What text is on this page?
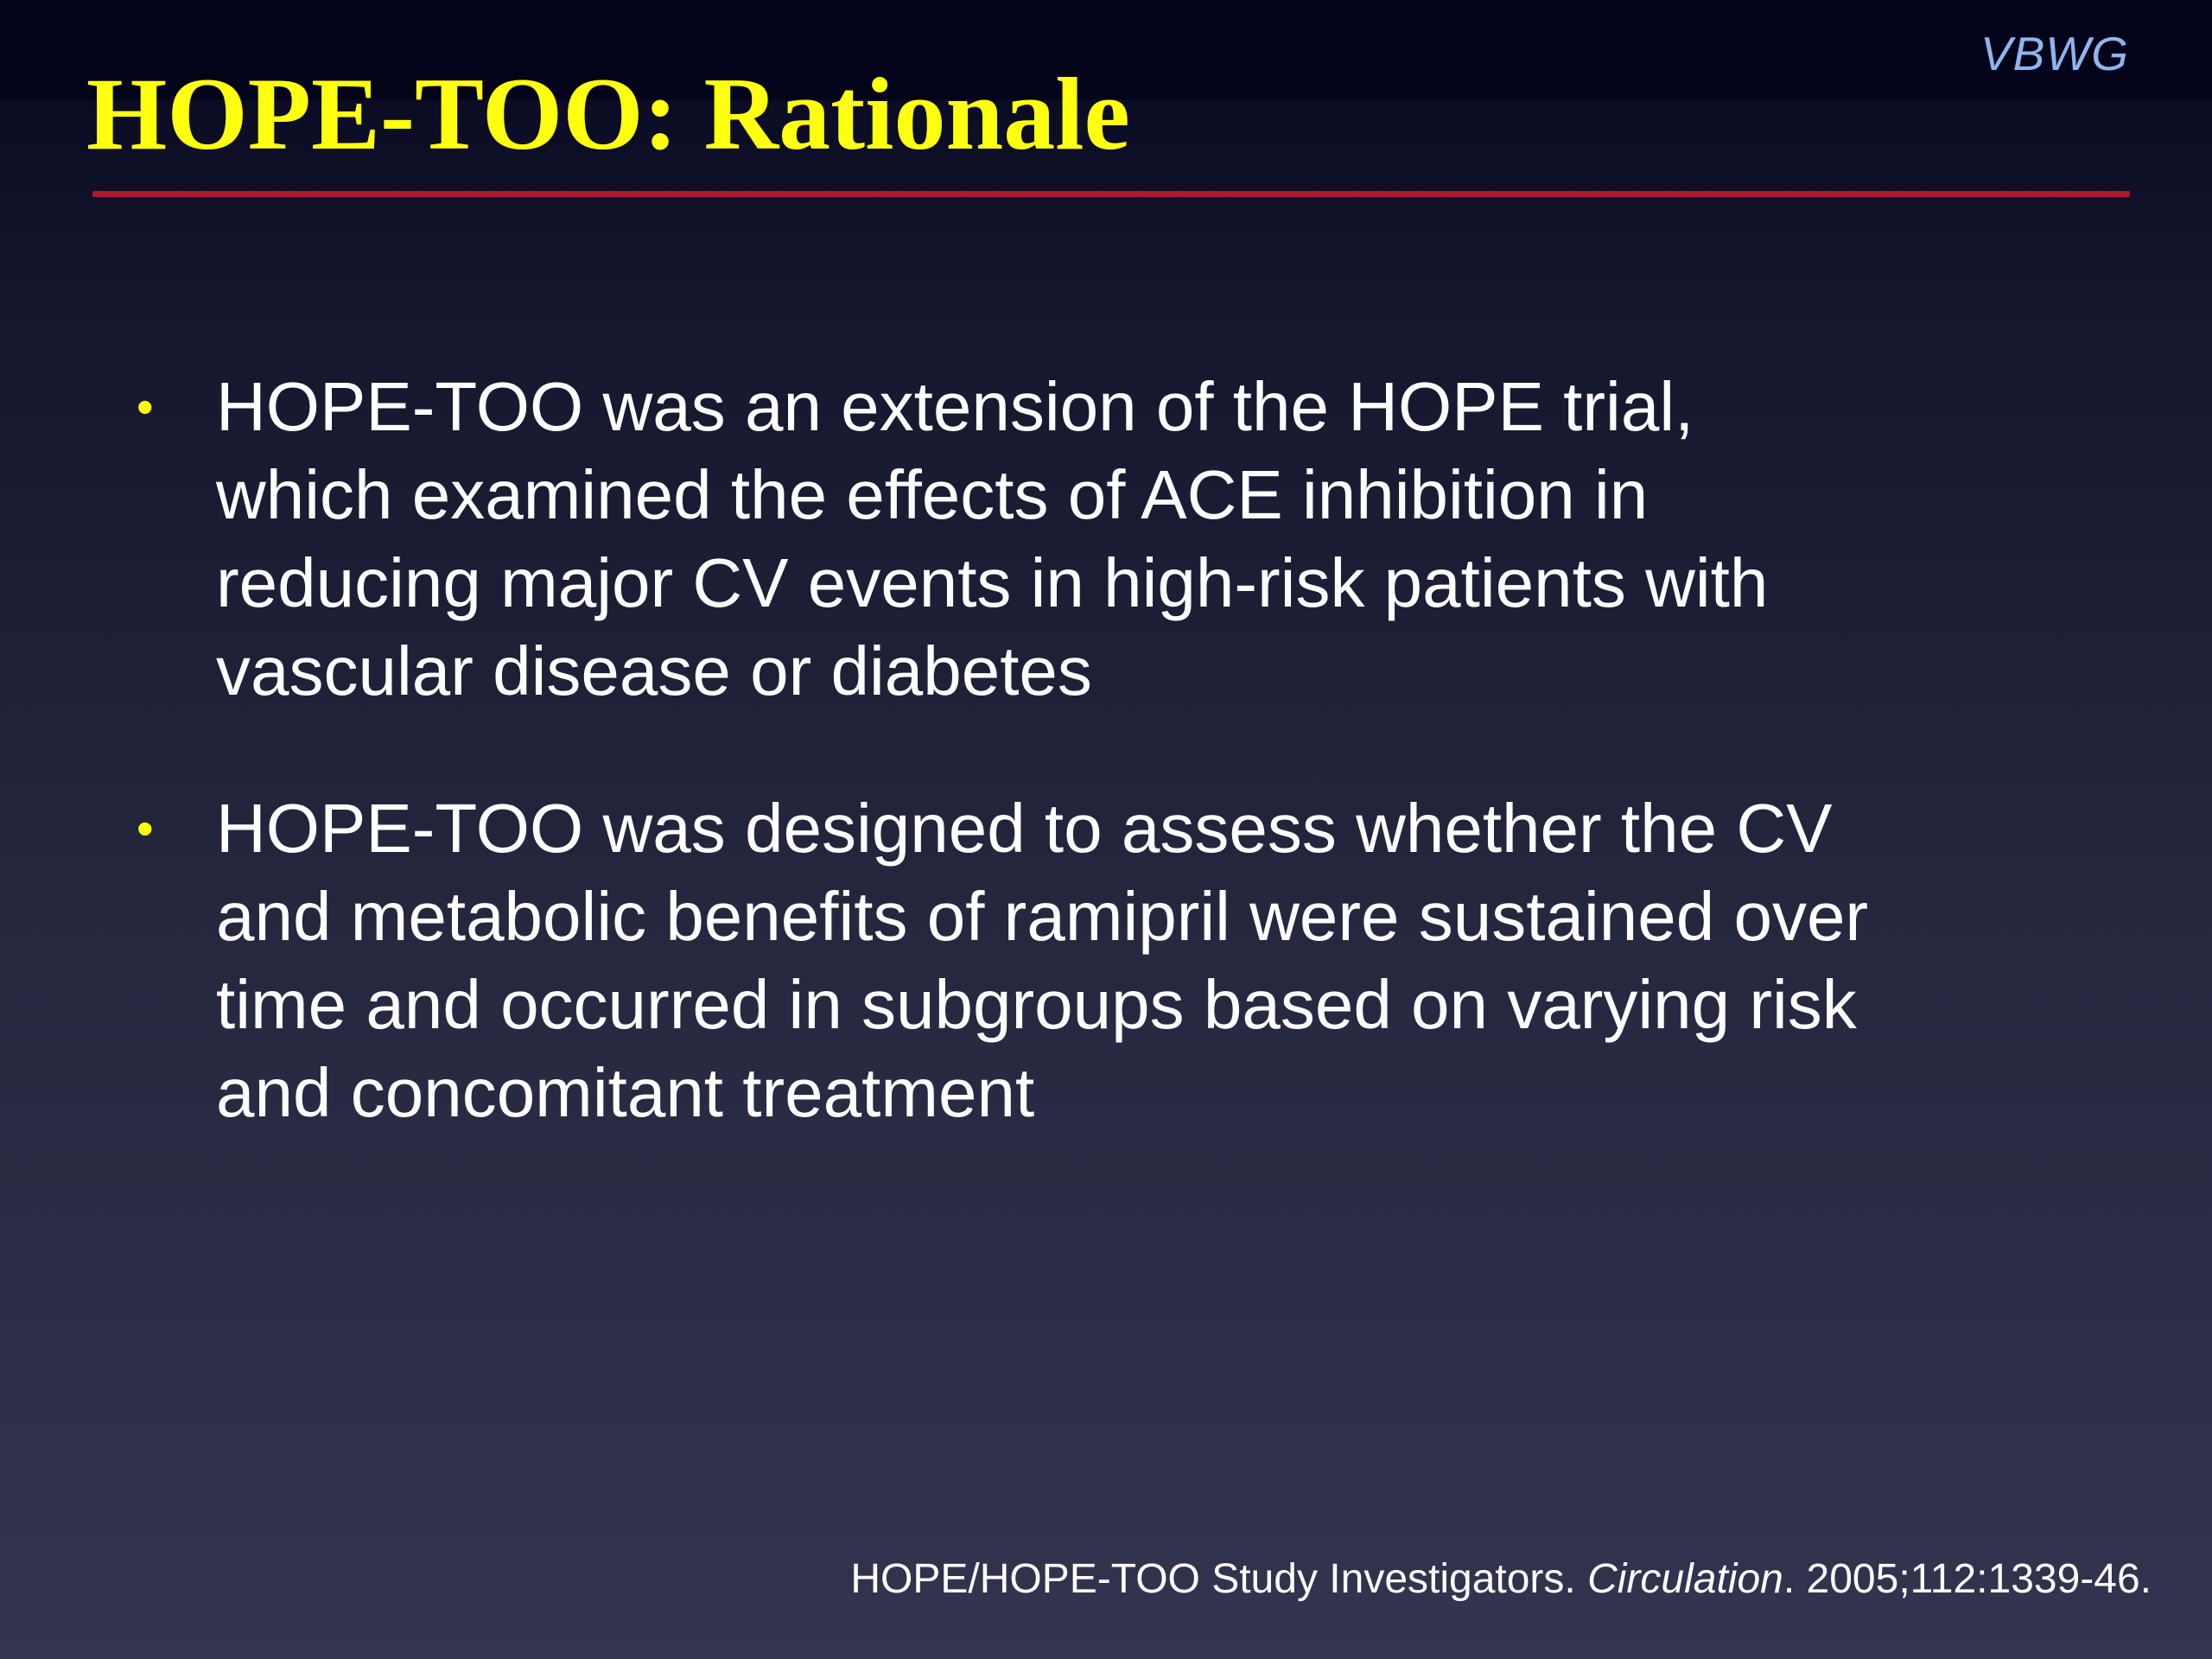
VBWG
HOPE-TOO: Rationale
• HOPE-TOO was an extension of the HOPE trial,
which examined the effects of ACE inhibition in
reducing major CV events in high-risk patients with
vascular disease or diabetes
• HOPE-TOO was designed to assess whether the CV
and metabolic benefits of ramipril were sustained over
time and occurred in subgroups based on varying risk
and concomitant treatment
HOPE/HOPE-TOO Study Investigators. Circulation. 2005;112:1339-46.
